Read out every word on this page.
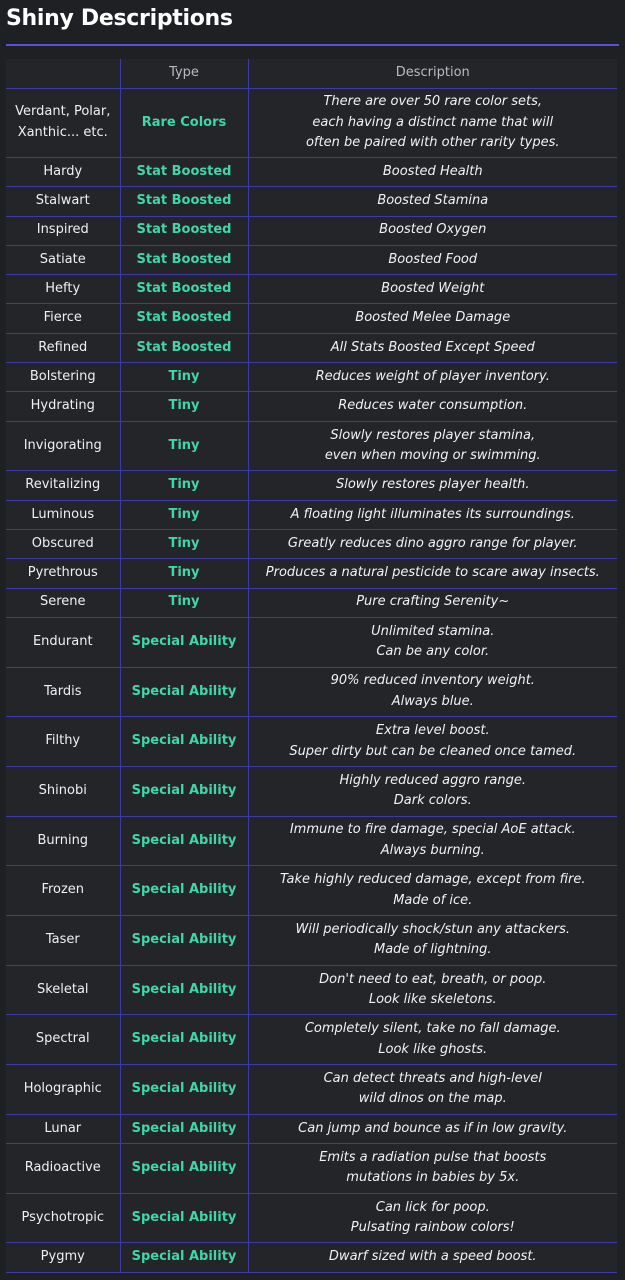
Shiny Descriptions
	Type	Description
Verdant, Polar, Xanthic... etc.	Rare Colors	There are over 50 rare color sets,
each having a distinct name that will
often be paired with other rarity types.

Hardy	Stat Boosted	Boosted Health

Stalwart	Stat Boosted	Boosted Stamina

Inspired	Stat Boosted	Boosted Oxygen

Satiate	Stat Boosted	Boosted Food

Hefty	Stat Boosted	Boosted Weight

Fierce	Stat Boosted	Boosted Melee Damage

Refined	Stat Boosted	All Stats Boosted Except Speed

Bolstering	Tiny	Reduces weight of player inventory.

Hydrating	Tiny	Reduces water consumption.

Invigorating	Tiny	Slowly restores player stamina,
even when moving or swimming.

Revitalizing	Tiny	Slowly restores player health.

Luminous	Tiny	A floating light illuminates its surroundings.

Obscured	Tiny	Greatly reduces dino aggro range for player.

Pyrethrous	Tiny	Produces a natural pesticide to scare away insects.

Serene	Tiny	Pure crafting Serenity~

Endurant	Special Ability	Unlimited stamina.
Can be any color.

Tardis	Special Ability	90% reduced inventory weight.
Always blue.

Filthy	Special Ability	Extra level boost.
Super dirty but can be cleaned once tamed.

Shinobi	Special Ability	Highly reduced aggro range.
Dark colors.

Burning	Special Ability	Immune to fire damage, special AoE attack.
Always burning.

Frozen	Special Ability	Take highly reduced damage, except from fire.
Made of ice.

Taser	Special Ability	Will periodically shock/stun any attackers.
Made of lightning.

Skeletal	Special Ability	Don't need to eat, breath, or poop.
Look like skeletons.

Spectral	Special Ability	Completely silent, take no fall damage.
Look like ghosts.

Holographic	Special Ability	Can detect threats and high-level
wild dinos on the map.

Lunar	Special Ability	Can jump and bounce as if in low gravity.

Radioactive	Special Ability	Emits a radiation pulse that boosts
mutations in babies by 5x.

Psychotropic	Special Ability	Can lick for poop.
Pulsating rainbow colors!

Pygmy	Special Ability	Dwarf sized with a speed boost.
